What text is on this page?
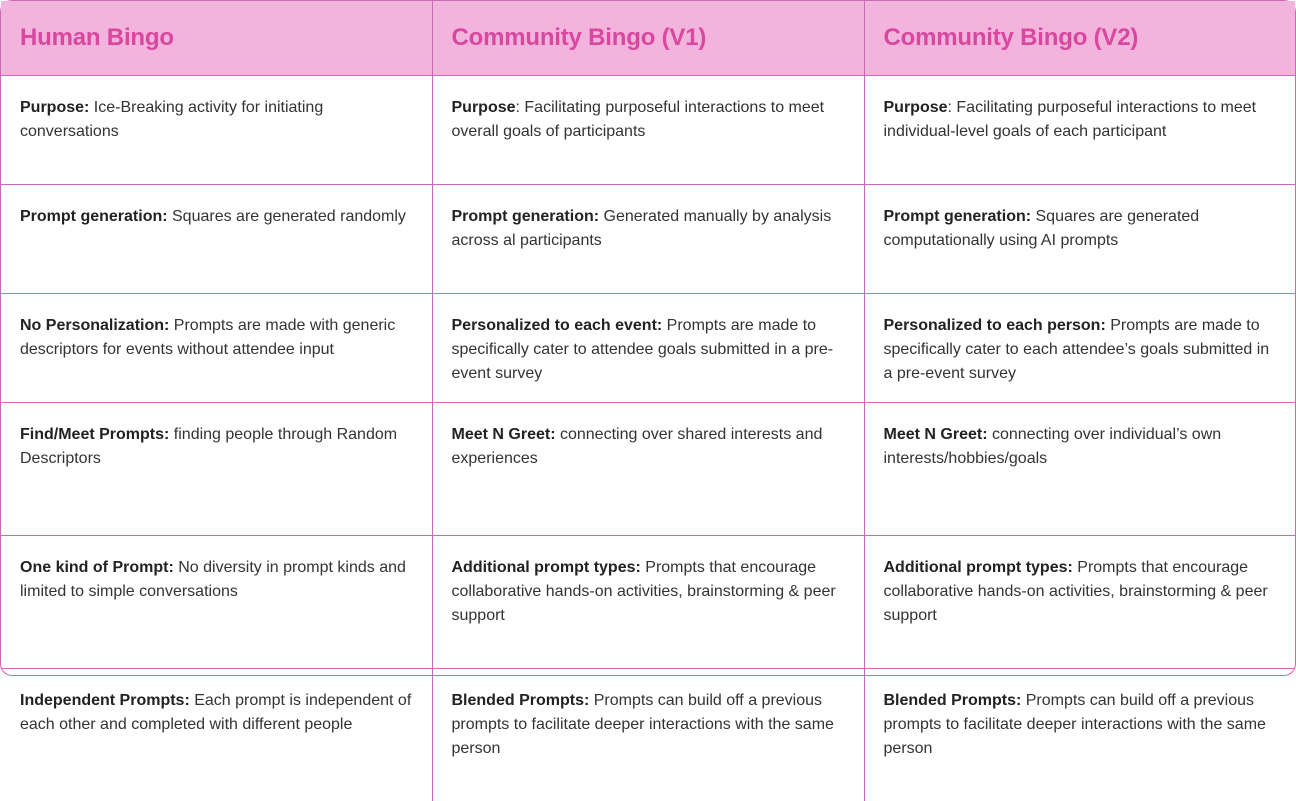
Human Bingo	Community Bingo (V1)	Community Bingo (V2)
Purpose: Ice-Breaking activity for initiating conversations	Purpose: Facilitating purposeful interactions to meet overall goals of participants	Purpose: Facilitating purposeful interactions to meet individual-level goals of each participant
Prompt generation: Squares are generated randomly	Prompt generation: Generated manually by analysis across al participants	Prompt generation: Squares are generated computationally using AI prompts
No Personalization: Prompts are made with generic descriptors for events without attendee input	Personalized to each event: Prompts are made to specifically cater to attendee goals submitted in a pre-event survey	Personalized to each person: Prompts are made to specifically cater to each attendee’s goals submitted in a pre-event survey
Find/Meet Prompts: finding people through Random Descriptors	Meet N Greet: connecting over shared interests and experiences	Meet N Greet: connecting over individual’s own interests/hobbies/goals
One kind of Prompt: No diversity in prompt kinds and limited to simple conversations	Additional prompt types: Prompts that encourage collaborative hands-on activities, brainstorming & peer support	Additional prompt types: Prompts that encourage collaborative hands-on activities, brainstorming & peer support
Independent Prompts: Each prompt is independent of each other and completed with different people	Blended Prompts: Prompts can build off a previous prompts to facilitate deeper interactions with the same person	Blended Prompts: Prompts can build off a previous prompts to facilitate deeper interactions with the same person
